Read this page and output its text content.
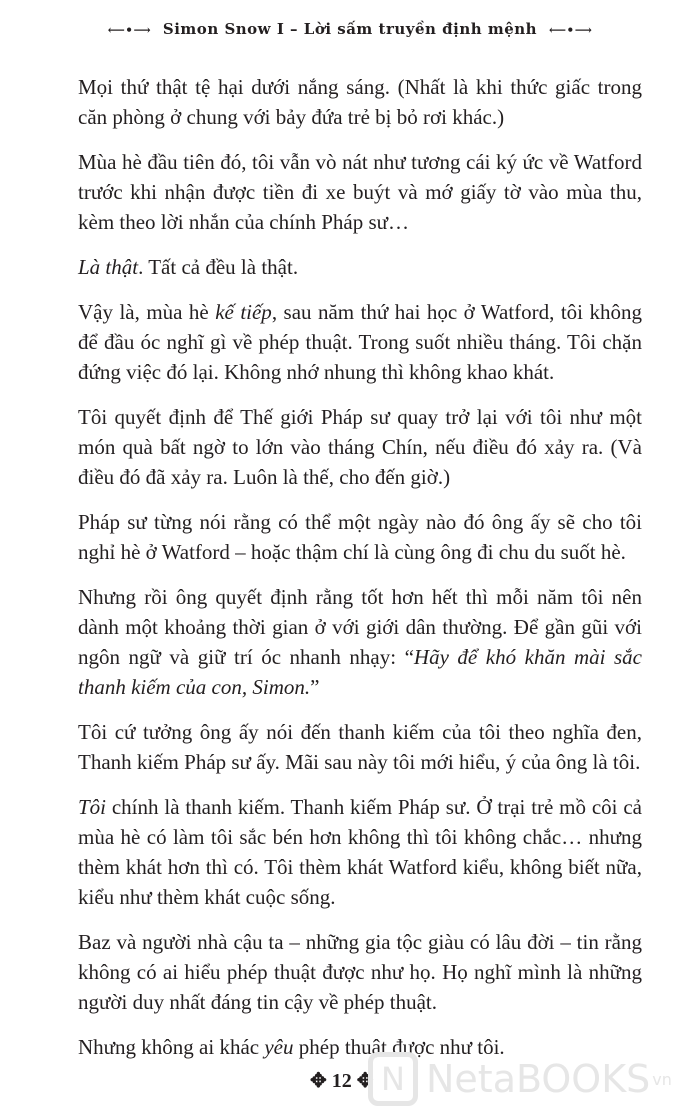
⟵•⟶ Simon Snow I – Lời sấm truyền định mệnh ⟵•⟶

Mọi thứ thật tệ hại dưới nắng sáng. (Nhất là khi thức giấc trong căn phòng ở chung với bảy đứa trẻ bị bỏ rơi khác.)

Mùa hè đầu tiên đó, tôi vẫn vò nát như tương cái ký ức về Watford trước khi nhận được tiền đi xe buýt và mớ giấy tờ vào mùa thu, kèm theo lời nhắn của chính Pháp sư…

Là thật. Tất cả đều là thật.

Vậy là, mùa hè kế tiếp, sau năm thứ hai học ở Watford, tôi không để đầu óc nghĩ gì về phép thuật. Trong suốt nhiều tháng. Tôi chặn đứng việc đó lại. Không nhớ nhung thì không khao khát.

Tôi quyết định để Thế giới Pháp sư quay trở lại với tôi như một món quà bất ngờ to lớn vào tháng Chín, nếu điều đó xảy ra. (Và điều đó đã xảy ra. Luôn là thế, cho đến giờ.)

Pháp sư từng nói rằng có thể một ngày nào đó ông ấy sẽ cho tôi nghỉ hè ở Watford – hoặc thậm chí là cùng ông đi chu du suốt hè.

Nhưng rồi ông quyết định rằng tốt hơn hết thì mỗi năm tôi nên dành một khoảng thời gian ở với giới dân thường. Để gần gũi với ngôn ngữ và giữ trí óc nhanh nhạy: “Hãy để khó khăn mài sắc thanh kiếm của con, Simon.”

Tôi cứ tưởng ông ấy nói đến thanh kiếm của tôi theo nghĩa đen, Thanh kiếm Pháp sư ấy. Mãi sau này tôi mới hiểu, ý của ông là tôi.

Tôi chính là thanh kiếm. Thanh kiếm Pháp sư. Ở trại trẻ mồ côi cả mùa hè có làm tôi sắc bén hơn không thì tôi không chắc… nhưng thèm khát hơn thì có. Tôi thèm khát Watford kiểu, không biết nữa, kiểu như thèm khát cuộc sống.

Baz và người nhà cậu ta – những gia tộc giàu có lâu đời – tin rằng không có ai hiểu phép thuật được như họ. Họ nghĩ mình là những người duy nhất đáng tin cậy về phép thuật.

Nhưng không ai khác yêu phép thuật được như tôi.

✥ 12 ✥ N NetaBOOKS vn
